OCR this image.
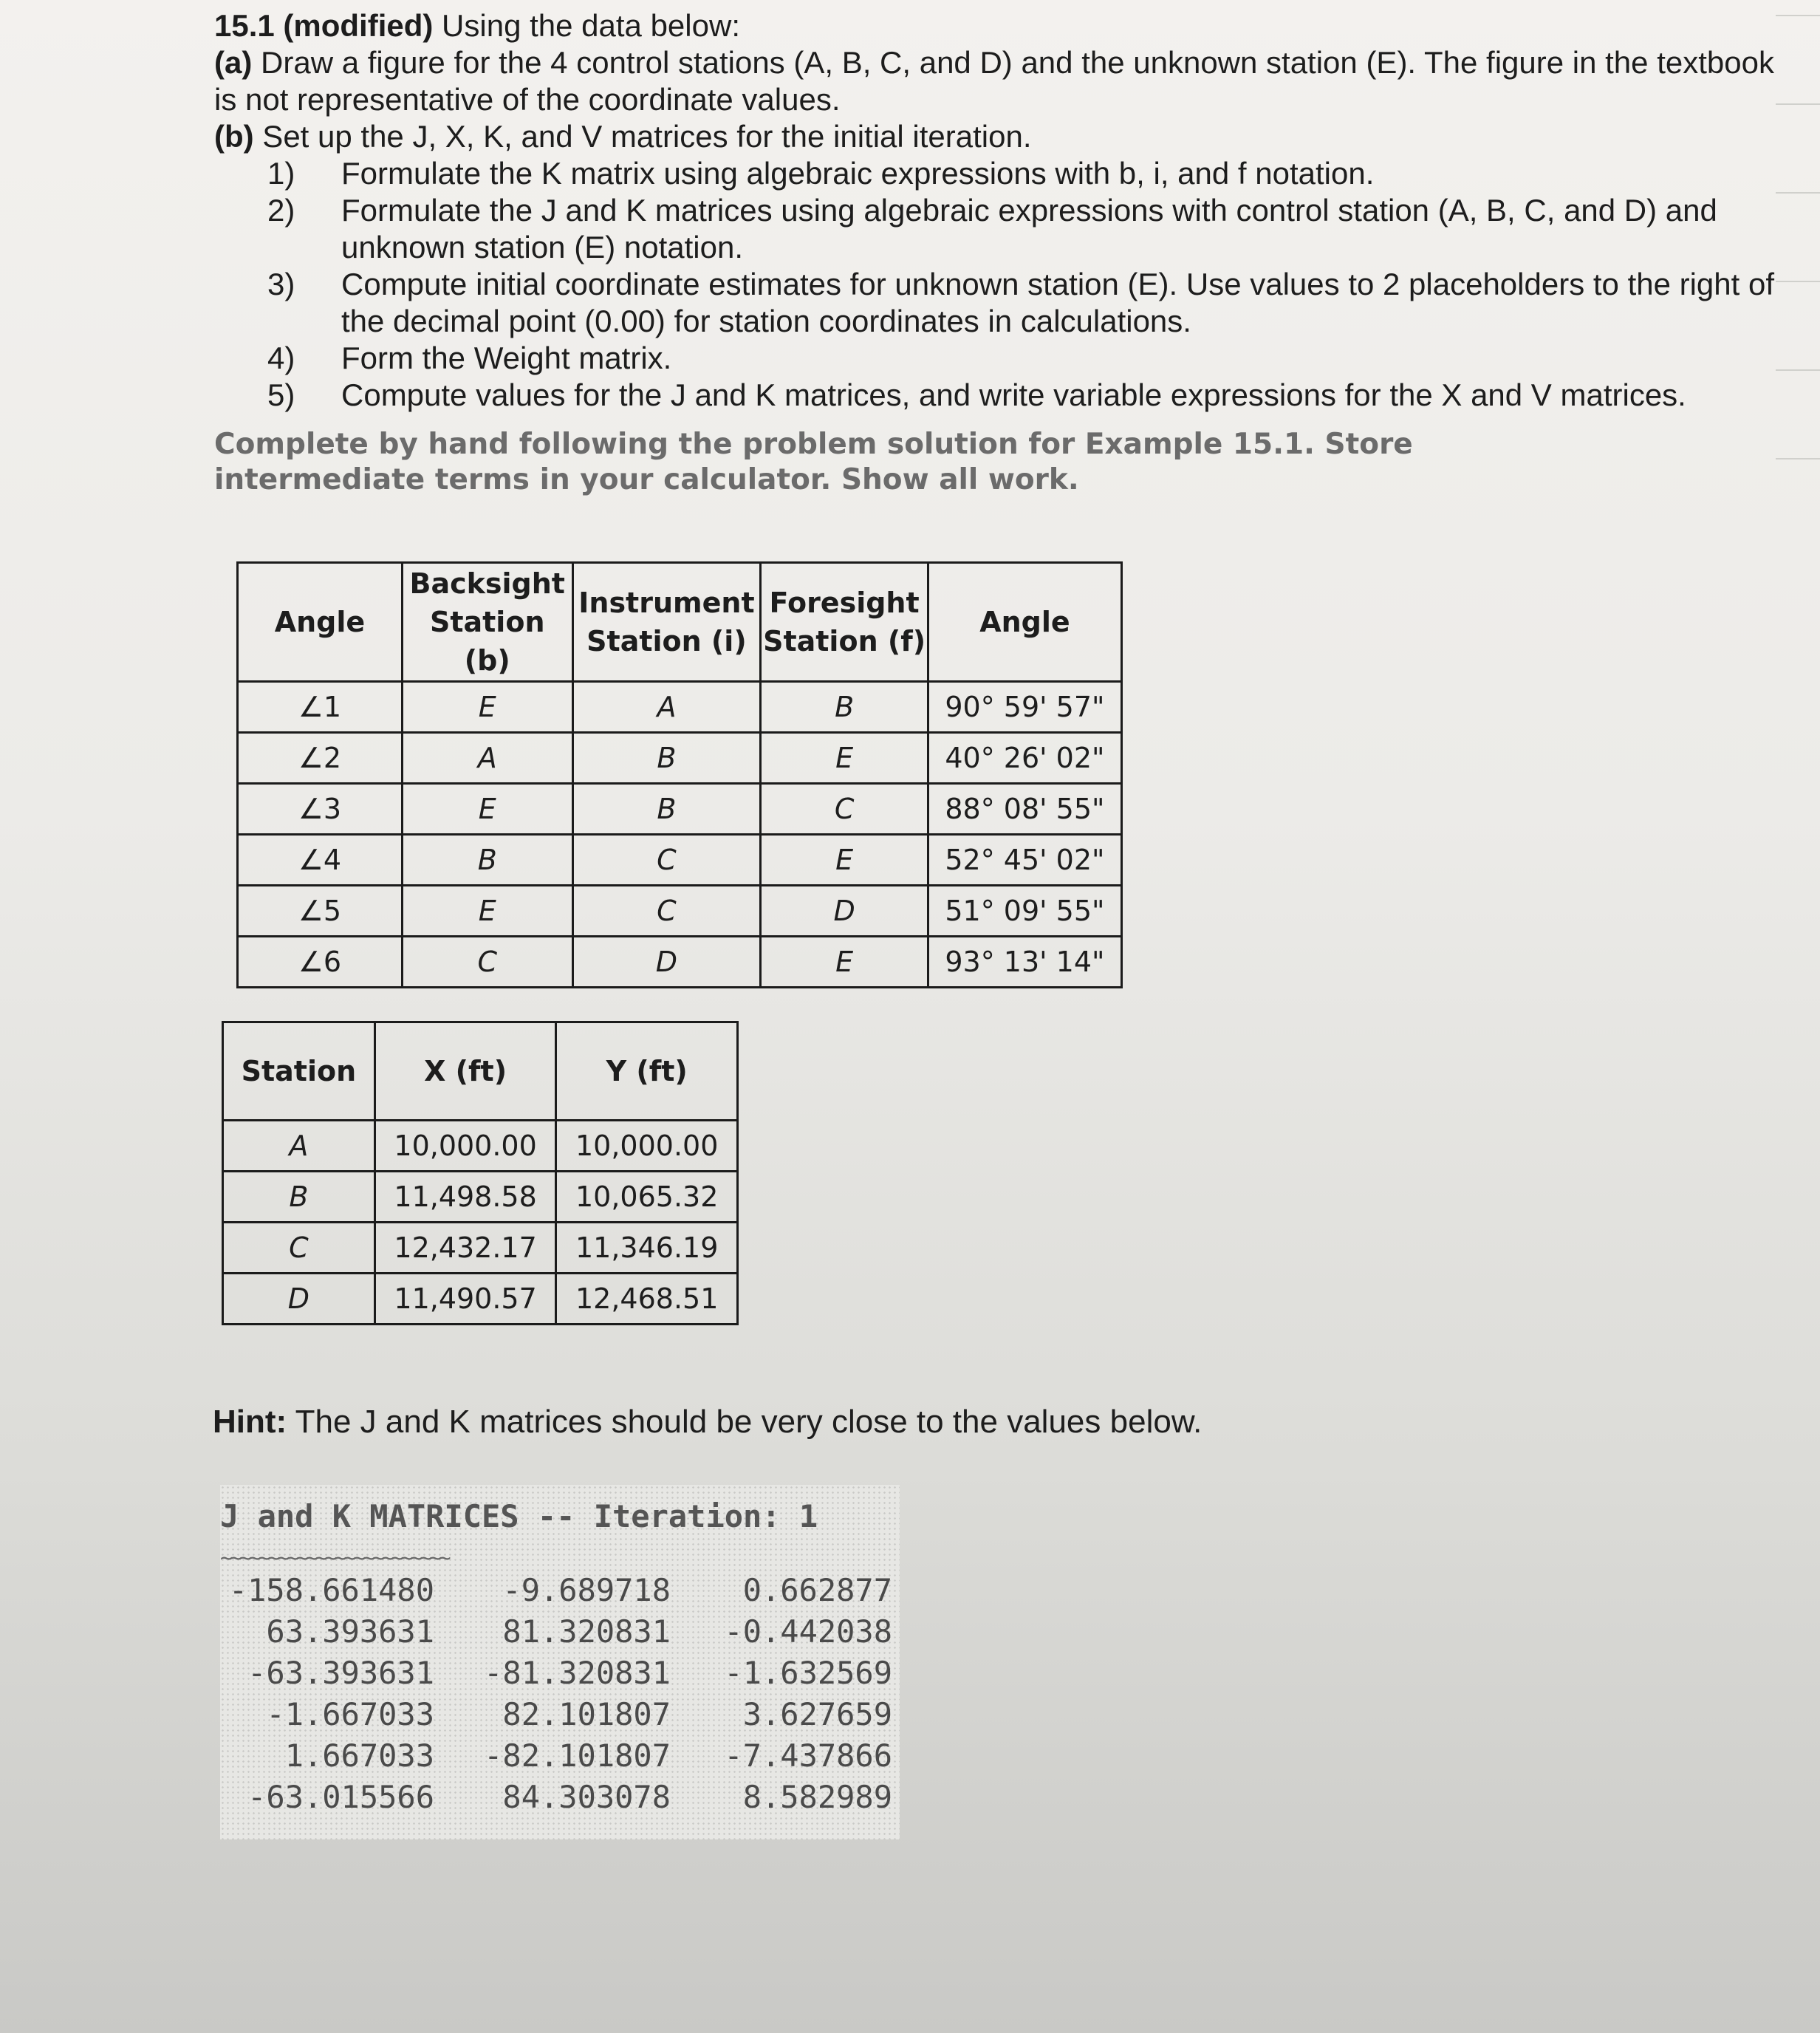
15.1 (modified) Using the data below:

(a) Draw a figure for the 4 control stations (A, B, C, and D) and the unknown station (E). The figure in the textbook is not representative of the coordinate values.

(b) Set up the J, X, K, and V matrices for the initial iteration.

1)	Formulate the K matrix using algebraic expressions with b, i, and f notation.
2)	Formulate the J and K matrices using algebraic expressions with control station (A, B, C, and D) and unknown station (E) notation.
3)	Compute initial coordinate estimates for unknown station (E). Use values to 2 placeholders to the right of the decimal point (0.00) for station coordinates in calculations.
4)	Form the Weight matrix.
5)	Compute values for the J and K matrices, and write variable expressions for the X and V matrices.
Complete by hand following the problem solution for Example 15.1. Store intermediate terms in your calculator. Show all work.
Angle	Backsight Station (b)	Instrument Station (i)	Foresight Station (f)	Angle
∠1	E	A	B	90° 59' 57"
∠2	A	B	E	40° 26' 02"
∠3	E	B	C	88° 08' 55"
∠4	B	C	E	52° 45' 02"
∠5	E	C	D	51° 09' 55"
∠6	C	D	E	93° 13' 14"
Station	X (ft)	Y (ft)
A	10,000.00	10,000.00
B	11,498.58	10,065.32
C	12,432.17	11,346.19
D	11,490.57	12,468.51
Hint: The J and K matrices should be very close to the values below.
J and K MATRICES -- Iteration: 1
~~~~~~~~~~~~~~~~~~~~~~~~
-158.661480	-9.689718	0.662877
63.393631	81.320831	-0.442038
-63.393631	-81.320831	-1.632569
-1.667033	82.101807	3.627659
1.667033	-82.101807	-7.437866
-63.015566	84.303078	8.582989
